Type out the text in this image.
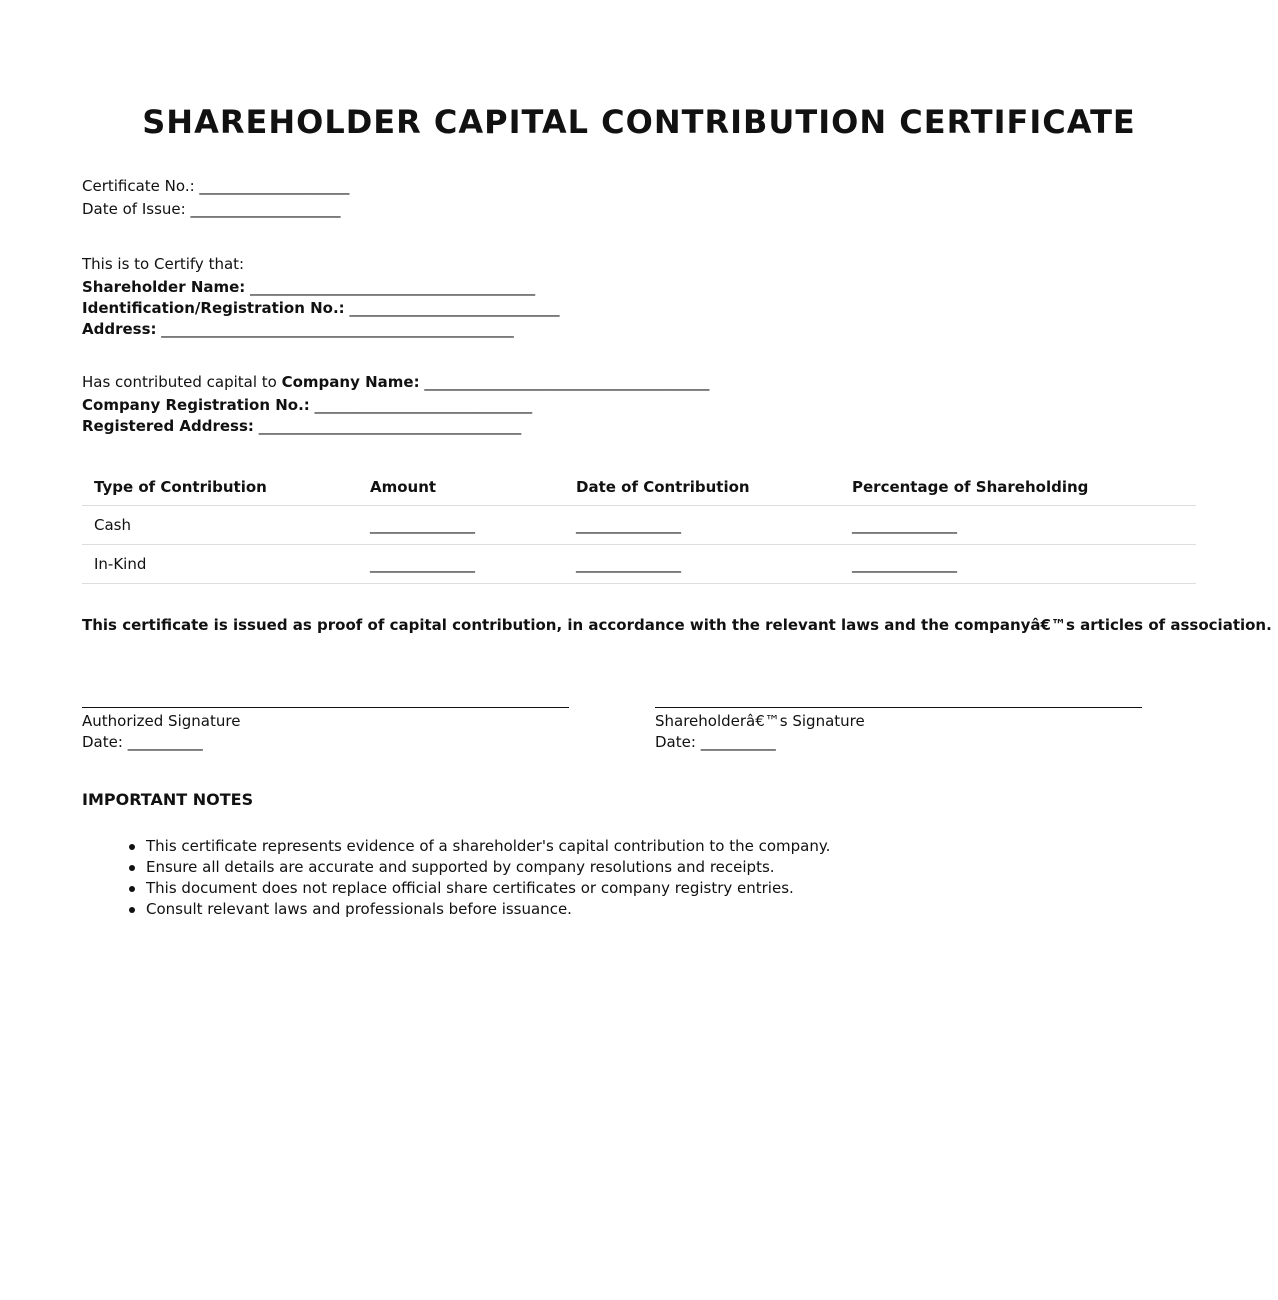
SHAREHOLDER CAPITAL CONTRIBUTION CERTIFICATE
Certificate No.: ____________________
Date of Issue: ____________________
This is to Certify that:
Shareholder Name: ______________________________________
Identification/Registration No.: ____________________________
Address: _______________________________________________
Has contributed capital to Company Name: ______________________________________
Company Registration No.: _____________________________
Registered Address: ___________________________________
Type of Contribution	Amount	Date of Contribution	Percentage of Shareholding
Cash	______________	______________	______________
In-Kind	______________	______________	______________
This certificate is issued as proof of capital contribution, in accordance with the relevant laws and the companyâ€™s articles of association.
Authorized Signature
Date: __________
Shareholderâ€™s Signature
Date: __________
IMPORTANT NOTES
This certificate represents evidence of a shareholder's capital contribution to the company.
Ensure all details are accurate and supported by company resolutions and receipts.
This document does not replace official share certificates or company registry entries.
Consult relevant laws and professionals before issuance.
